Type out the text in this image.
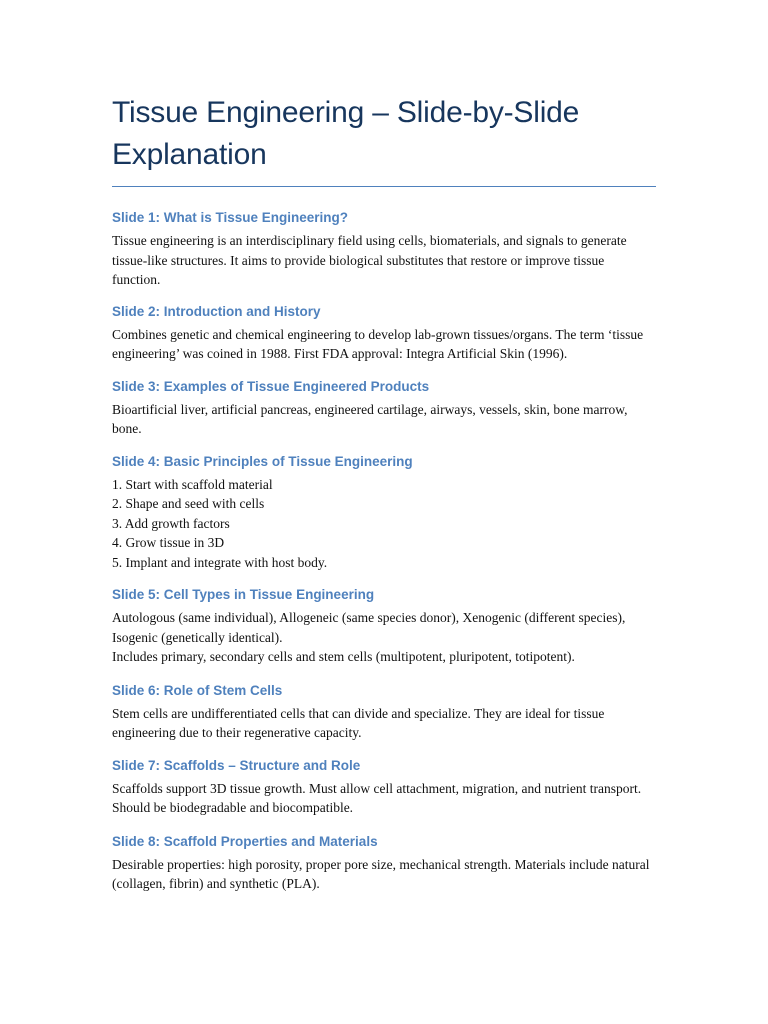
Tissue Engineering – Slide-by-Slide Explanation

Slide 1: What is Tissue Engineering?

Tissue engineering is an interdisciplinary field using cells, biomaterials, and signals to generate tissue-like structures. It aims to provide biological substitutes that restore or improve tissue function.

Slide 2: Introduction and History

Combines genetic and chemical engineering to develop lab-grown tissues/organs. The term ‘tissue engineering’ was coined in 1988. First FDA approval: Integra Artificial Skin (1996).

Slide 3: Examples of Tissue Engineered Products

Bioartificial liver, artificial pancreas, engineered cartilage, airways, vessels, skin, bone marrow, bone.

Slide 4: Basic Principles of Tissue Engineering

1. Start with scaffold material
2. Shape and seed with cells
3. Add growth factors
4. Grow tissue in 3D
5. Implant and integrate with host body.

Slide 5: Cell Types in Tissue Engineering

Autologous (same individual), Allogeneic (same species donor), Xenogenic (different species), Isogenic (genetically identical).
Includes primary, secondary cells and stem cells (multipotent, pluripotent, totipotent).

Slide 6: Role of Stem Cells

Stem cells are undifferentiated cells that can divide and specialize. They are ideal for tissue engineering due to their regenerative capacity.

Slide 7: Scaffolds – Structure and Role

Scaffolds support 3D tissue growth. Must allow cell attachment, migration, and nutrient transport. Should be biodegradable and biocompatible.

Slide 8: Scaffold Properties and Materials

Desirable properties: high porosity, proper pore size, mechanical strength. Materials include natural (collagen, fibrin) and synthetic (PLA).
